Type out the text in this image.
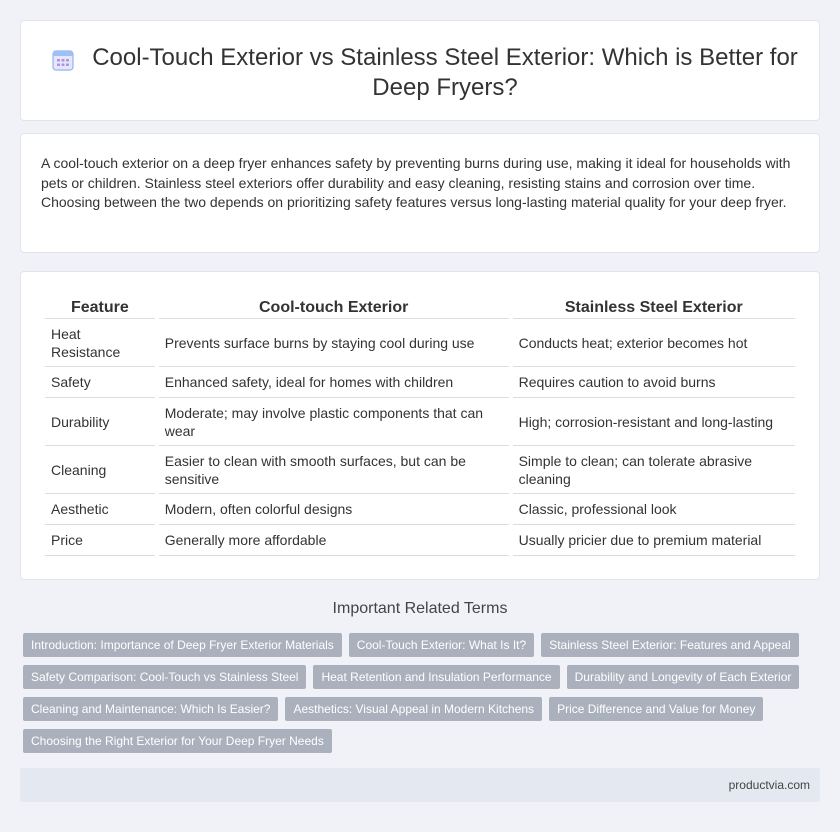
Cool-Touch Exterior vs Stainless Steel Exterior: Which is Better for Deep Fryers?

A cool-touch exterior on a deep fryer enhances safety by preventing burns during use, making it ideal for households with pets or children. Stainless steel exteriors offer durability and easy cleaning, resisting stains and corrosion over time. Choosing between the two depends on prioritizing safety features versus long-lasting material quality for your deep fryer.

Feature	Cool-touch Exterior	Stainless Steel Exterior
Heat Resistance	Prevents surface burns by staying cool during use	Conducts heat; exterior becomes hot
Safety	Enhanced safety, ideal for homes with children	Requires caution to avoid burns
Durability	Moderate; may involve plastic components that can wear	High; corrosion-resistant and long-lasting
Cleaning	Easier to clean with smooth surfaces, but can be sensitive	Simple to clean; can tolerate abrasive cleaning
Aesthetic	Modern, often colorful designs	Classic, professional look
Price	Generally more affordable	Usually pricier due to premium material
Important Related Terms
Introduction: Importance of Deep Fryer Exterior Materials	Cool-Touch Exterior: What Is It?	Stainless Steel Exterior: Features and Appeal
Safety Comparison: Cool-Touch vs Stainless Steel	Heat Retention and Insulation Performance	Durability and Longevity of Each Exterior
Cleaning and Maintenance: Which Is Easier?	Aesthetics: Visual Appeal in Modern Kitchens	Price Difference and Value for Money
Choosing the Right Exterior for Your Deep Fryer Needs
productvia.com
